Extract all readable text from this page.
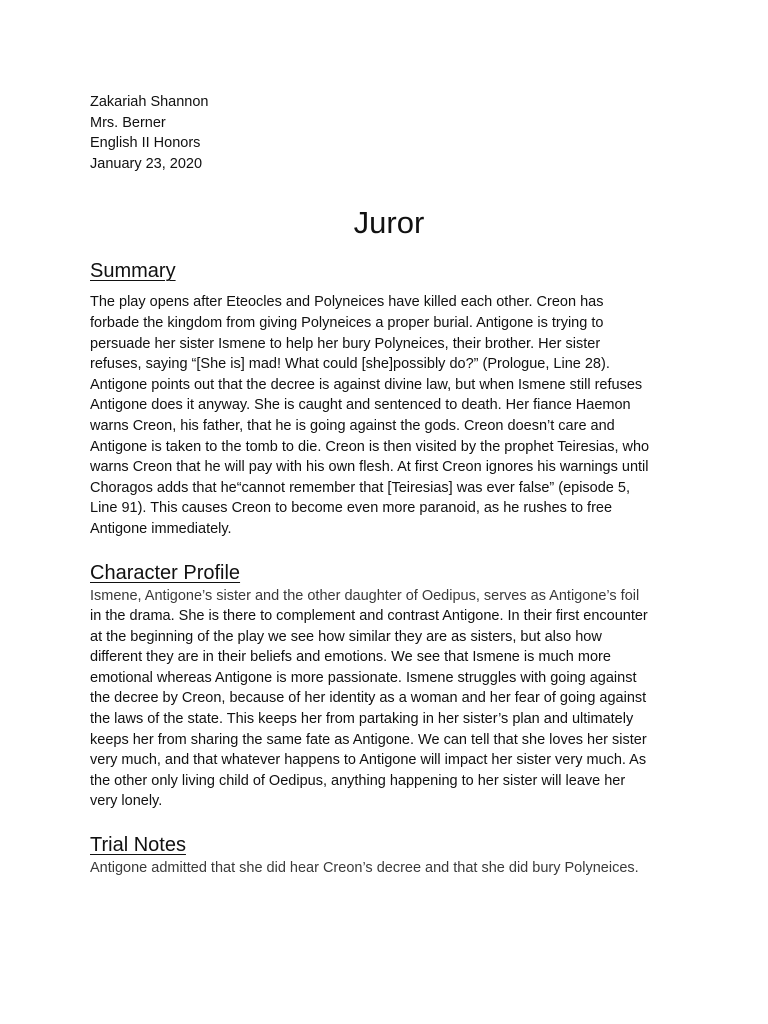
Zakariah Shannon
Mrs. Berner
English II Honors
January 23, 2020
Juror
Summary
The play opens after Eteocles and Polyneices have killed each other. Creon has
forbade the kingdom from giving Polyneices a proper burial. Antigone is trying to
persuade her sister Ismene to help her bury Polyneices, their brother. Her sister
refuses, saying “[She is] mad! What could [she]possibly do?” (Prologue, Line 28).
Antigone points out that the decree is against divine law, but when Ismene still refuses
Antigone does it anyway. She is caught and sentenced to death. Her fiance Haemon
warns Creon, his father, that he is going against the gods. Creon doesn’t care and
Antigone is taken to the tomb to die. Creon is then visited by the prophet Teiresias, who
warns Creon that he will pay with his own flesh. At first Creon ignores his warnings until
Choragos adds that he“cannot remember that [Teiresias] was ever false” (episode 5,
Line 91). This causes Creon to become even more paranoid, as he rushes to free
Antigone immediately.
Character Profile
Ismene, Antigone’s sister and the other daughter of Oedipus, serves as Antigone’s foil
in the drama. She is there to complement and contrast Antigone. In their first encounter
at the beginning of the play we see how similar they are as sisters, but also how
different they are in their beliefs and emotions. We see that Ismene is much more
emotional whereas Antigone is more passionate. Ismene struggles with going against
the decree by Creon, because of her identity as a woman and her fear of going against
the laws of the state. This keeps her from partaking in her sister’s plan and ultimately
keeps her from sharing the same fate as Antigone. We can tell that she loves her sister
very much, and that whatever happens to Antigone will impact her sister very much. As
the other only living child of Oedipus, anything happening to her sister will leave her
very lonely.
Trial Notes
Antigone admitted that she did hear Creon’s decree and that she did bury Polyneices.
